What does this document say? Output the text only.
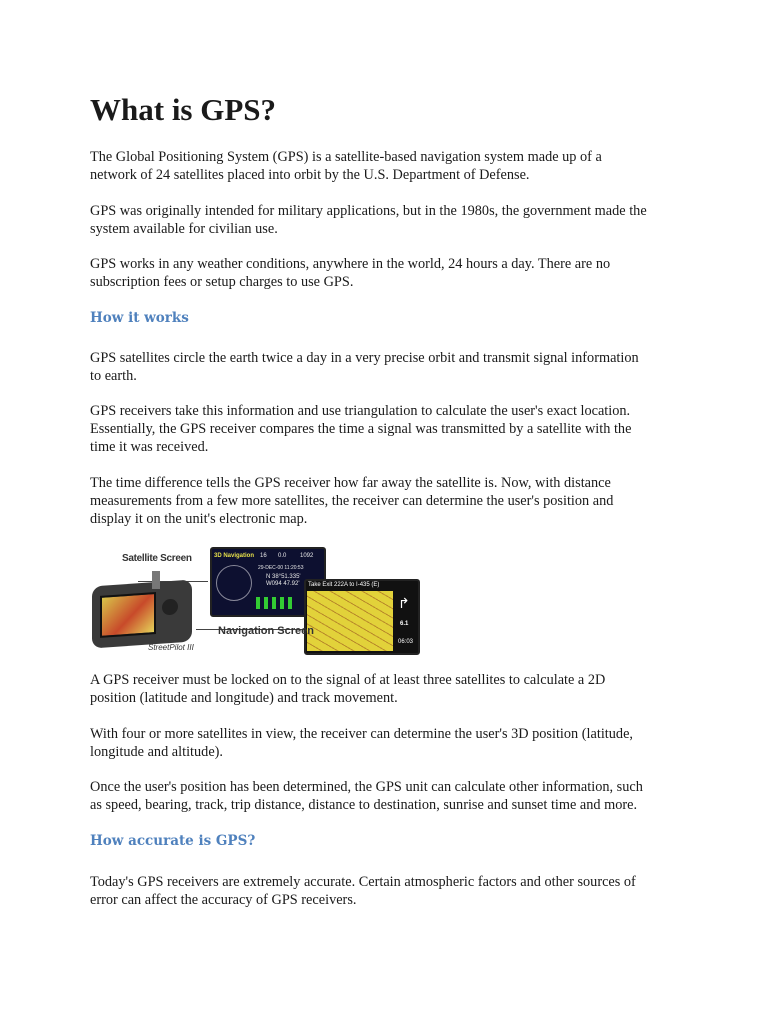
What is GPS?
The Global Positioning System (GPS) is a satellite-based navigation system made up of a
network of 24 satellites placed into orbit by the U.S. Department of Defense.
GPS was originally intended for military applications, but in the 1980s, the government made the
system available for civilian use.
GPS works in any weather conditions, anywhere in the world, 24 hours a day. There are no
subscription fees or setup charges to use GPS.
How it works
GPS satellites circle the earth twice a day in a very precise orbit and transmit signal information
to earth.
GPS receivers take this information and use triangulation to calculate the user's exact location.
Essentially, the GPS receiver compares the time a signal was transmitted by a satellite with the
time it was received.
The time difference tells the GPS receiver how far away the satellite is. Now, with distance
measurements from a few more satellites, the receiver can determine the user's position and
display it on the unit's electronic map.
Satellite Screen
StreetPilot III
3D Navigation 16 0.0 1092
29-DEC-00 11:20:53
N 38°51.335'
W094 47.92' Take Exit 222A to I-435 (E)
↱
6.1
06:03
Navigation Screen
A GPS receiver must be locked on to the signal of at least three satellites to calculate a 2D
position (latitude and longitude) and track movement.
With four or more satellites in view, the receiver can determine the user's 3D position (latitude,
longitude and altitude).
Once the user's position has been determined, the GPS unit can calculate other information, such
as speed, bearing, track, trip distance, distance to destination, sunrise and sunset time and more.
How accurate is GPS?
Today's GPS receivers are extremely accurate. Certain atmospheric factors and other sources of
error can affect the accuracy of GPS receivers.
